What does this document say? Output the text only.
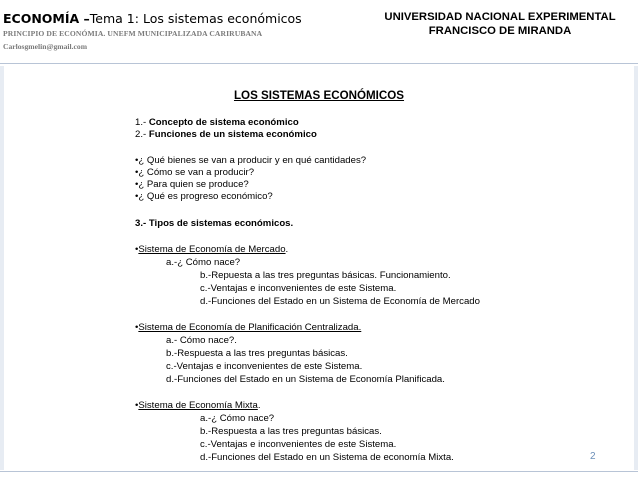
ECONOMÍA –Tema 1: Los sistemas económicos
PRINCIPIO DE ECONÓMIA. UNEFM MUNICIPALIZADA CARIRUBANA
Carlosgmelin@gmail.com
UNIVERSIDAD NACIONAL EXPERIMENTAL
FRANCISCO DE MIRANDA
LOS SISTEMAS ECONÓMICOS
1.- Concepto de sistema económico
2.- Funciones de un sistema económico
•¿ Qué bienes se van a producir y en qué cantidades?
•¿ Cómo se van a producir?
•¿ Para quien se produce?
•¿ Qué es progreso económico?
3.- Tipos de sistemas económicos.
•Sistema de Economía de Mercado.
a.-¿ Cómo nace?
b.-Repuesta a las tres preguntas básicas. Funcionamiento.
c.-Ventajas e inconvenientes de este Sistema.
d.-Funciones del Estado en un Sistema de Economía de Mercado
•Sistema de Economía de Planificación Centralizada.
a.- Cómo nace?.
b.-Respuesta a las tres preguntas básicas.
c.-Ventajas e inconvenientes de este Sistema.
d.-Funciones del Estado en un Sistema de Economía Planificada.
•Sistema de Economía Mixta.
a.-¿ Cómo nace?
b.-Respuesta a las tres preguntas básicas.
c.-Ventajas e inconvenientes de este Sistema.
d.-Funciones del Estado en un Sistema de economía Mixta.	2
